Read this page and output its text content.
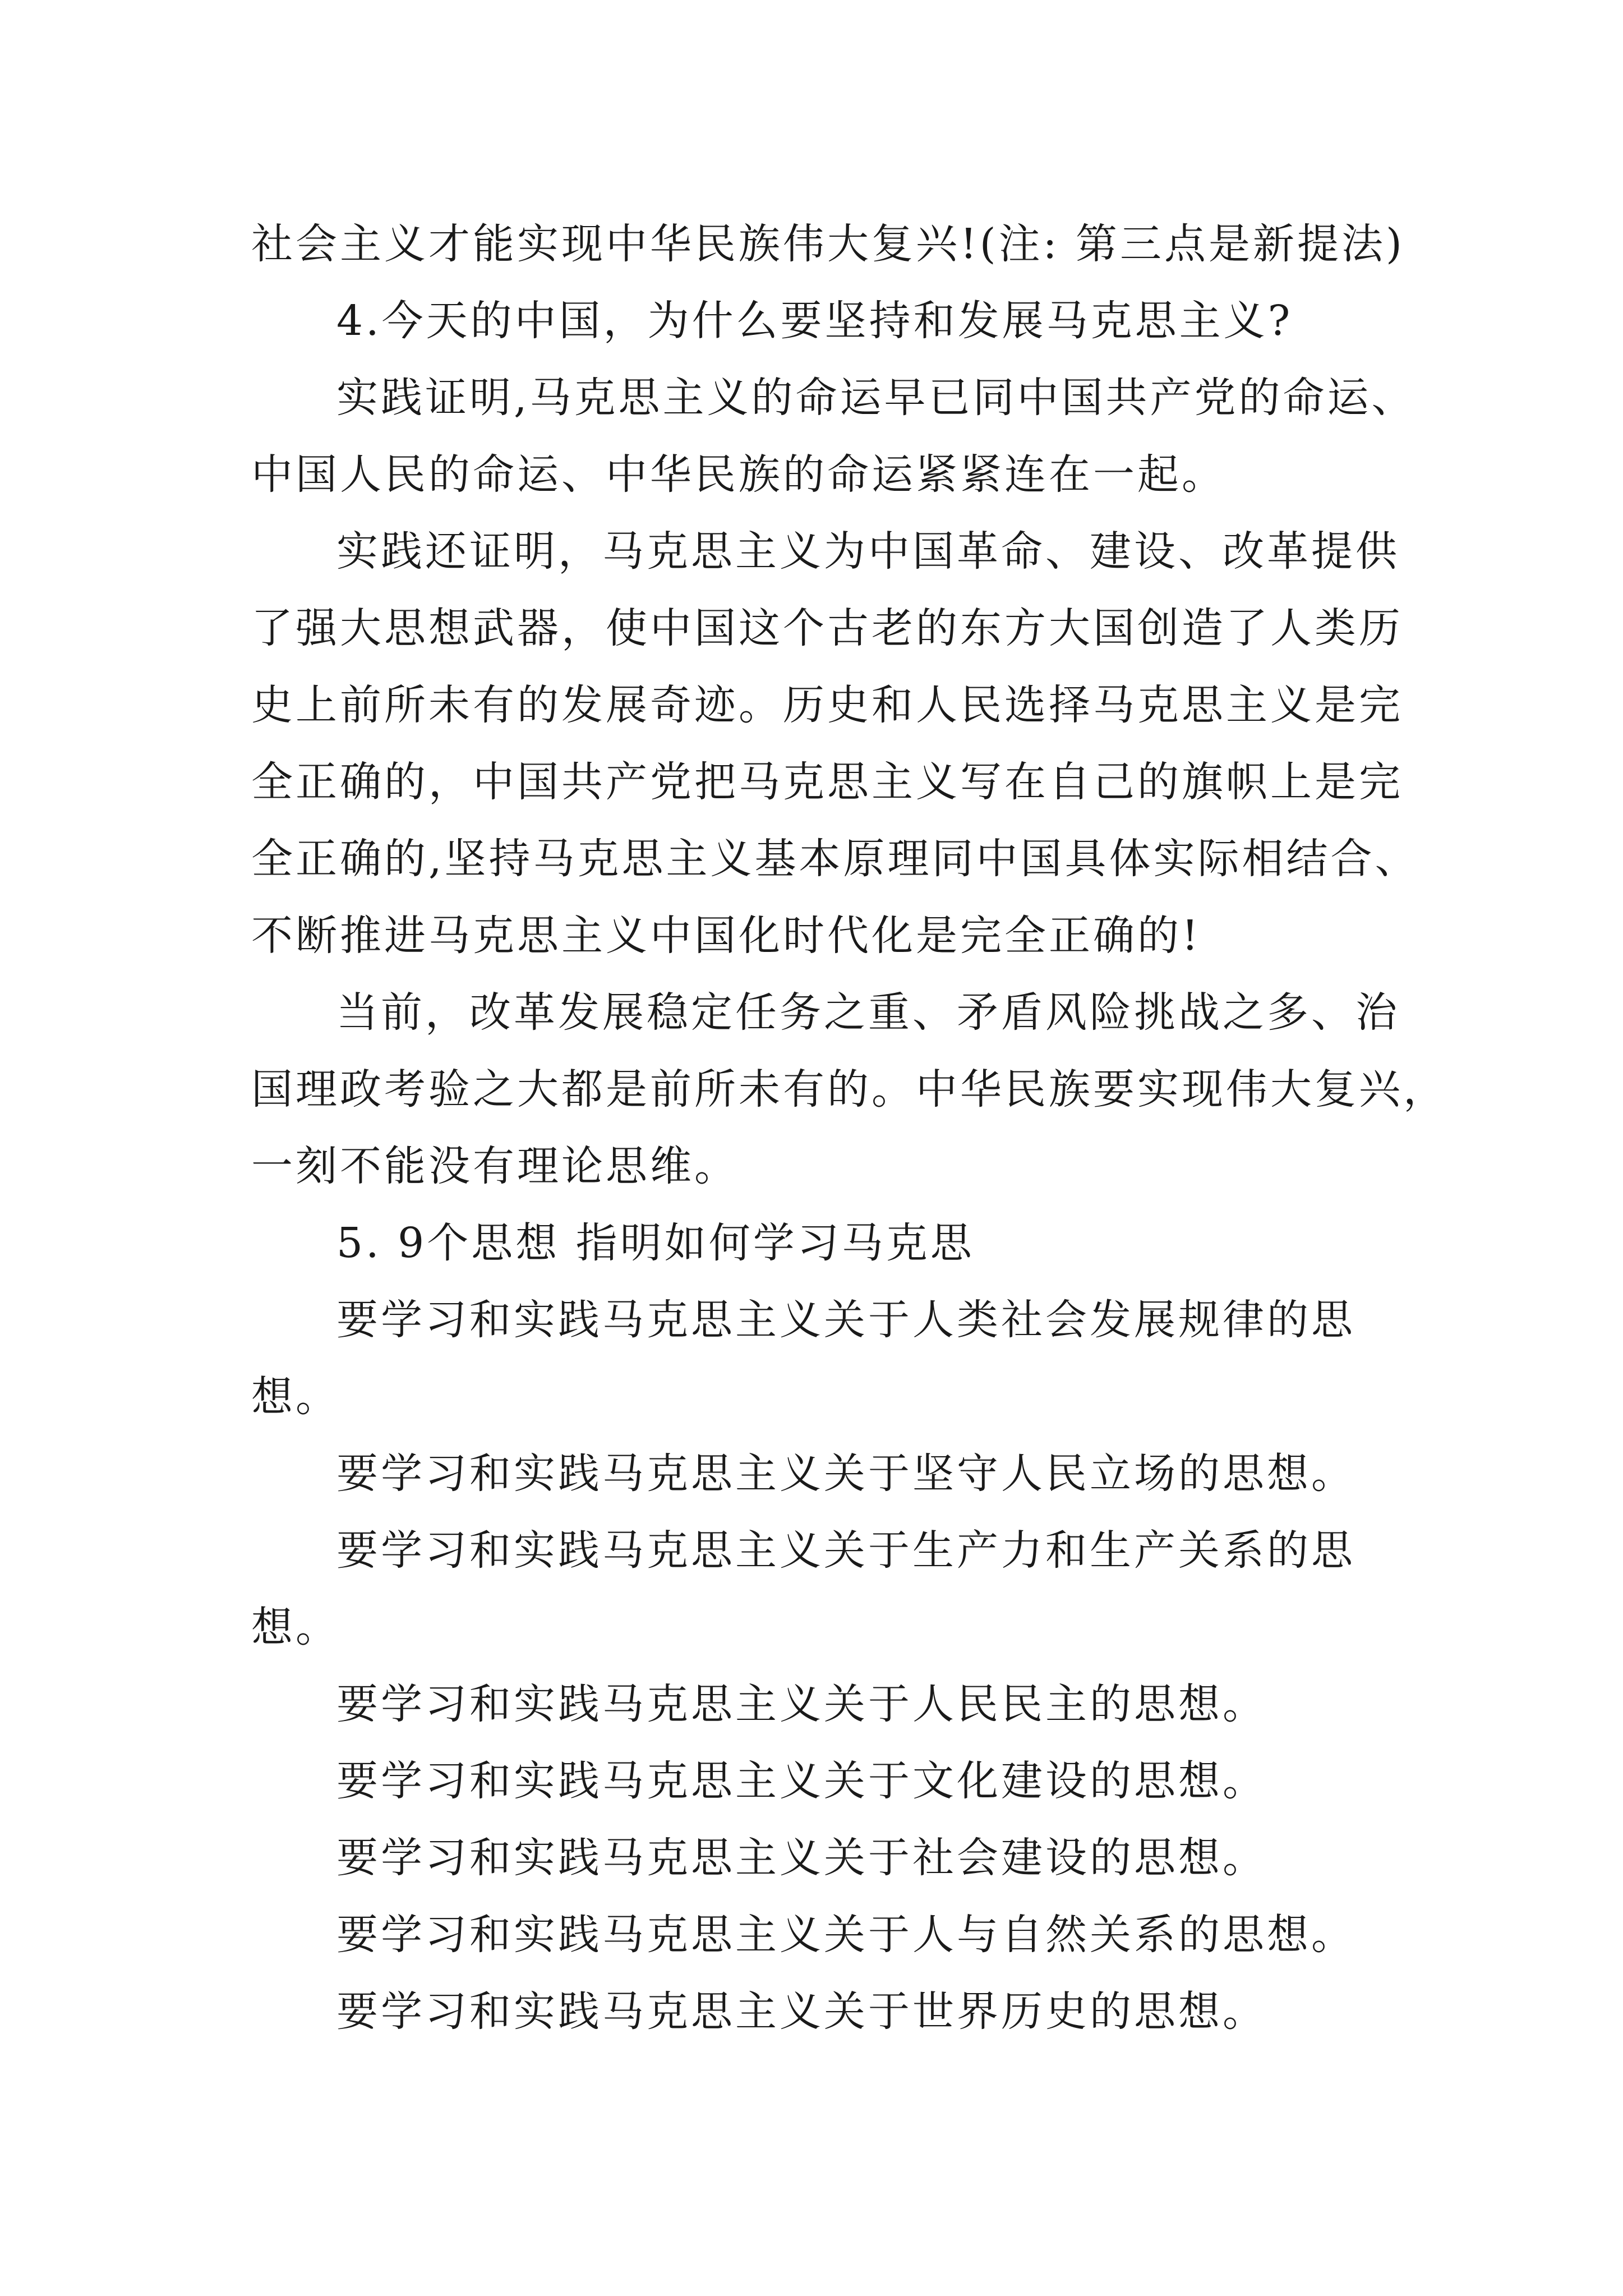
社会主义才能实现中华民族伟大复兴!(注: 第三点是新提法)
4.今天的中国，为什么要坚持和发展马克思主义?
实践证明,马克思主义的命运早已同中国共产党的命运、
中国人民的命运、中华民族的命运紧紧连在一起。
实践还证明，马克思主义为中国革命、建设、改革提供
了强大思想武器，使中国这个古老的东方大国创造了人类历
史上前所未有的发展奇迹。历史和人民选择马克思主义是完
全正确的，中国共产党把马克思主义写在自己的旗帜上是完
全正确的,坚持马克思主义基本原理同中国具体实际相结合、
不断推进马克思主义中国化时代化是完全正确的!
当前，改革发展稳定任务之重、矛盾风险挑战之多、治
国理政考验之大都是前所未有的。中华民族要实现伟大复兴，
一刻不能没有理论思维。
5. 9个思想 指明如何学习马克思
要学习和实践马克思主义关于人类社会发展规律的思
想。
要学习和实践马克思主义关于坚守人民立场的思想。
要学习和实践马克思主义关于生产力和生产关系的思
想。
要学习和实践马克思主义关于人民民主的思想。
要学习和实践马克思主义关于文化建设的思想。
要学习和实践马克思主义关于社会建设的思想。
要学习和实践马克思主义关于人与自然关系的思想。
要学习和实践马克思主义关于世界历史的思想。
